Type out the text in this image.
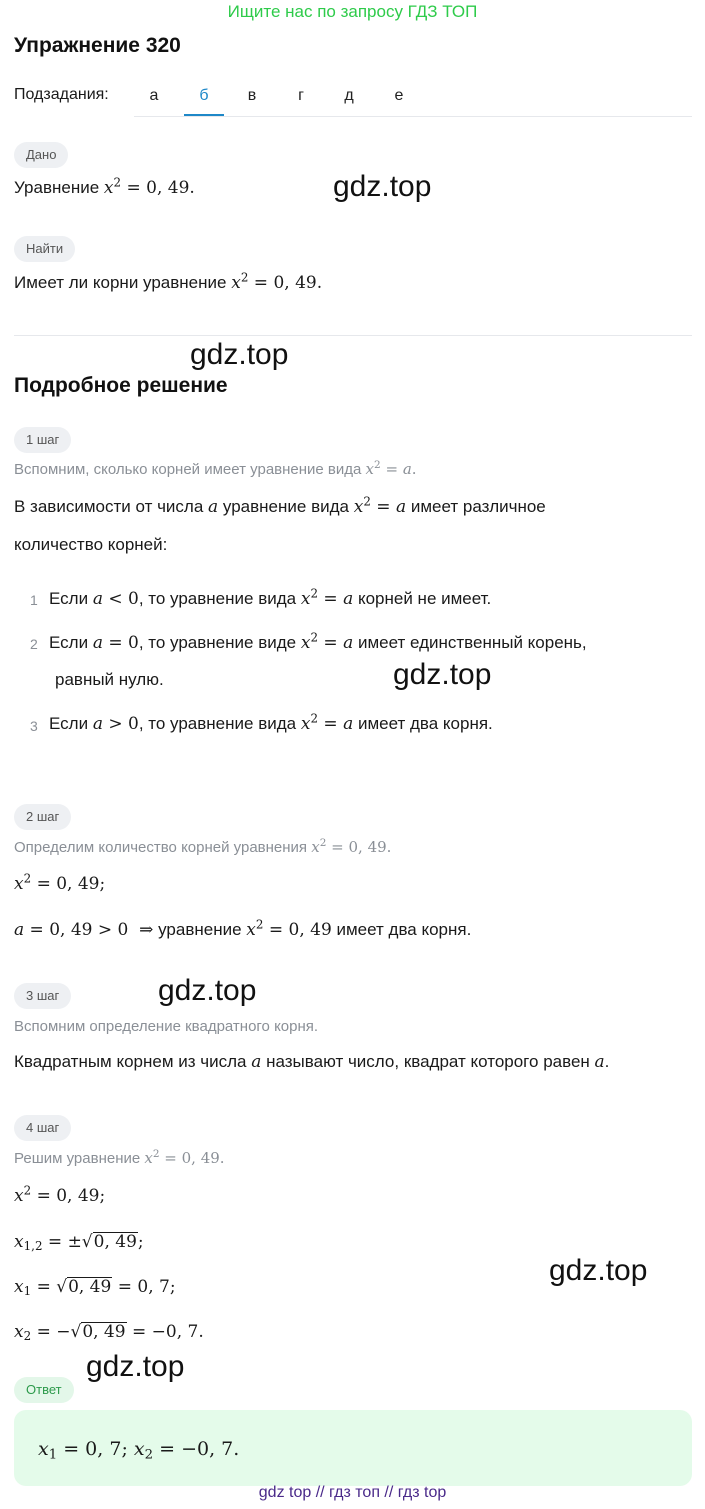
Ищите нас по запросу ГДЗ ТОП
Упражнение 320
Подзадания:	а	б	в	г	д	е
Дано
Уравнение $x^2 = 0$, 49.	gdz.top
Найти
Имеет ли корни уравнение $x^2 = 0$, 49.
gdz.top
Подробное решение
1 шаг
Вспомним, сколько корней имеет уравнение вида $x^2 = a$.
В зависимости от числа a уравнение вида $x^2 = a$ имеет различное
количество корней:
1 Если a < 0, то уравнение вида $x^2 = a$ корней не имеет.
2 Если a = 0, то уравнение виде $x^2 = a$ имеет единственный корень,
равный нулю.	gdz.top
3 Если a > 0, то уравнение вида $x^2 = a$ имеет два корня.
2 шаг
Определим количество корней уравнения $x^2 = 0$, 49.
$x^2 = 0$, 49;
a = 0, 49 > 0  ⇒ уравнение $x^2 = 0$, 49 имеет два корня.
3 шаг	gdz.top
Вспомним определение квадратного корня.
Квадратным корнем из числа a называют число, квадрат которого равен a.
4 шаг
Решим уравнение $x^2 = 0$, 49.
$x^2 = 0$, 49;
$x_{1,2} = \pm√0$, 49;
$x_1 = √0$, 49 = 0, 7;	gdz.top
$x_2 = -√0$, 49 = −0, 7.
gdz.top
Ответ
$x_1 = 0$, 7; $x_2 = -0$, 7.
gdz top // гдз топ // гдз top
